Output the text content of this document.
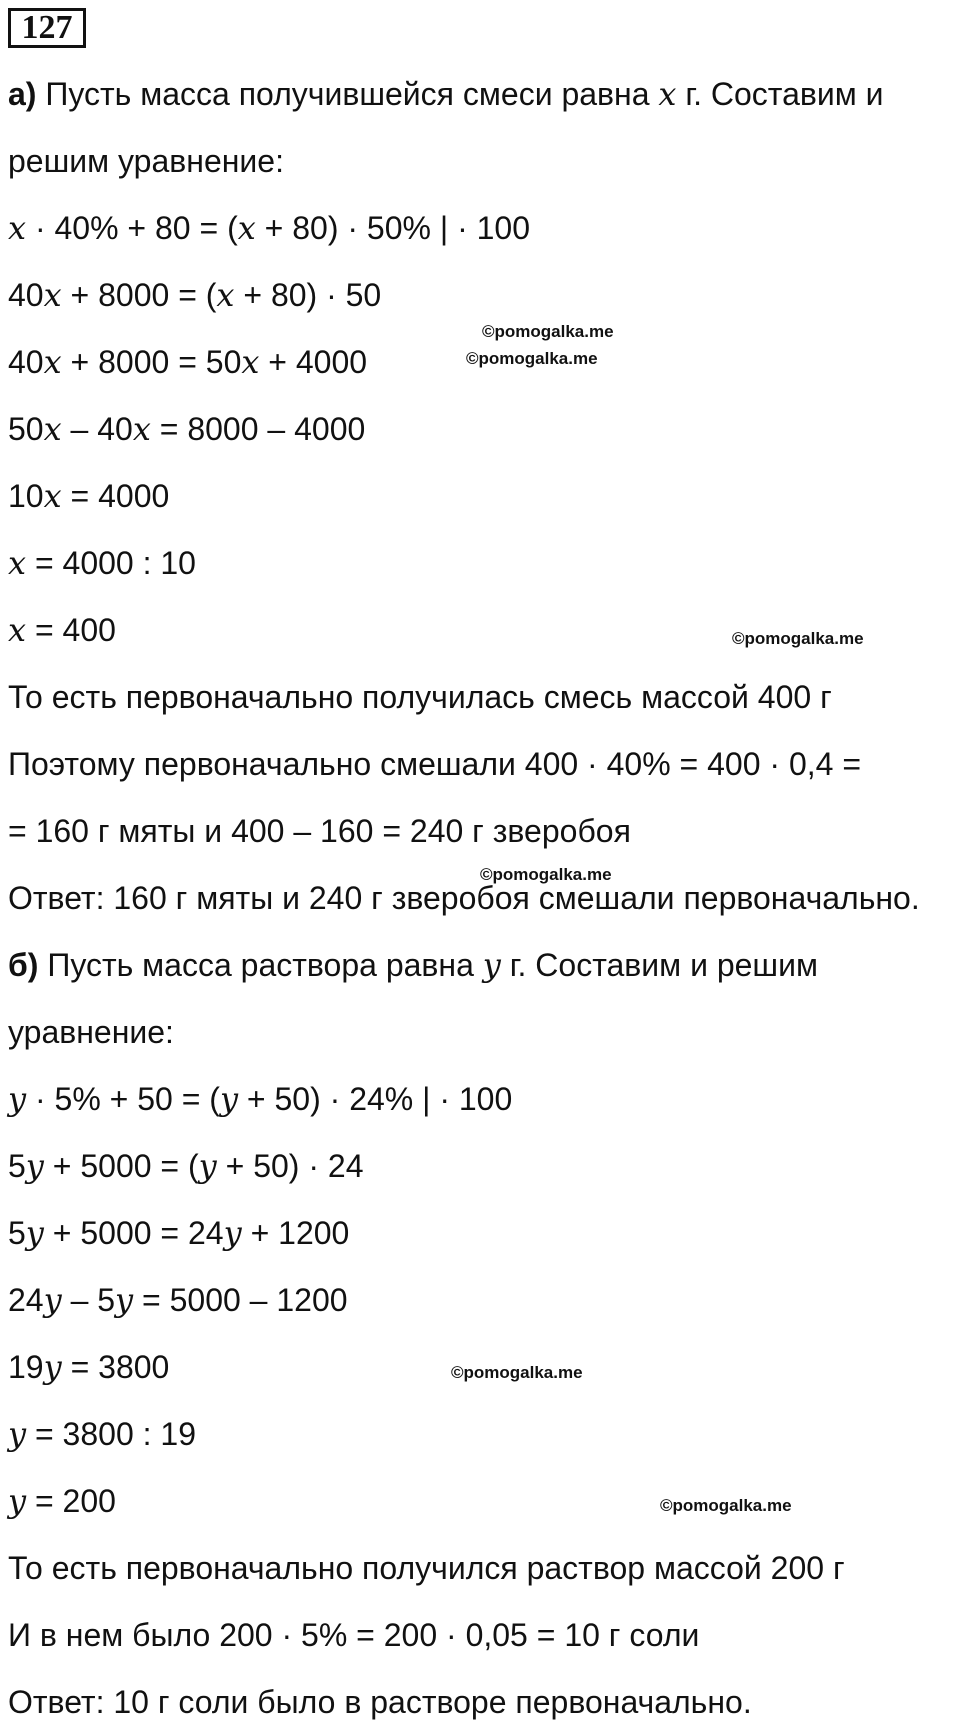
127
а) Пусть масса получившейся смеси равна x г. Составим и
решим уравнение:
x · 40% + 80 = (x + 80) · 50% | · 100
40x + 8000 = (x + 80) · 50
40x + 8000 = 50x + 4000
50x – 40x = 8000 – 4000
10x = 4000
x = 4000 : 10
x = 400
То есть первоначально получилась смесь массой 400 г
Поэтому первоначально смешали 400 · 40% = 400 · 0,4 =
= 160 г мяты и 400 – 160 = 240 г зверобоя
Ответ: 160 г мяты и 240 г зверобоя смешали первоначально.
б) Пусть масса раствора равна y г. Составим и решим
уравнение:
y · 5% + 50 = (y + 50) · 24% | · 100
5y + 5000 = (y + 50) · 24
5y + 5000 = 24y + 1200
24y – 5y = 5000 – 1200
19y = 3800
y = 3800 : 19
y = 200
То есть первоначально получился раствор массой 200 г
И в нем было 200 · 5% = 200 · 0,05 = 10 г соли
Ответ: 10 г соли было в растворе первоначально.
©pomogalka.me
©pomogalka.me
©pomogalka.me
©pomogalka.me
©pomogalka.me
©pomogalka.me
